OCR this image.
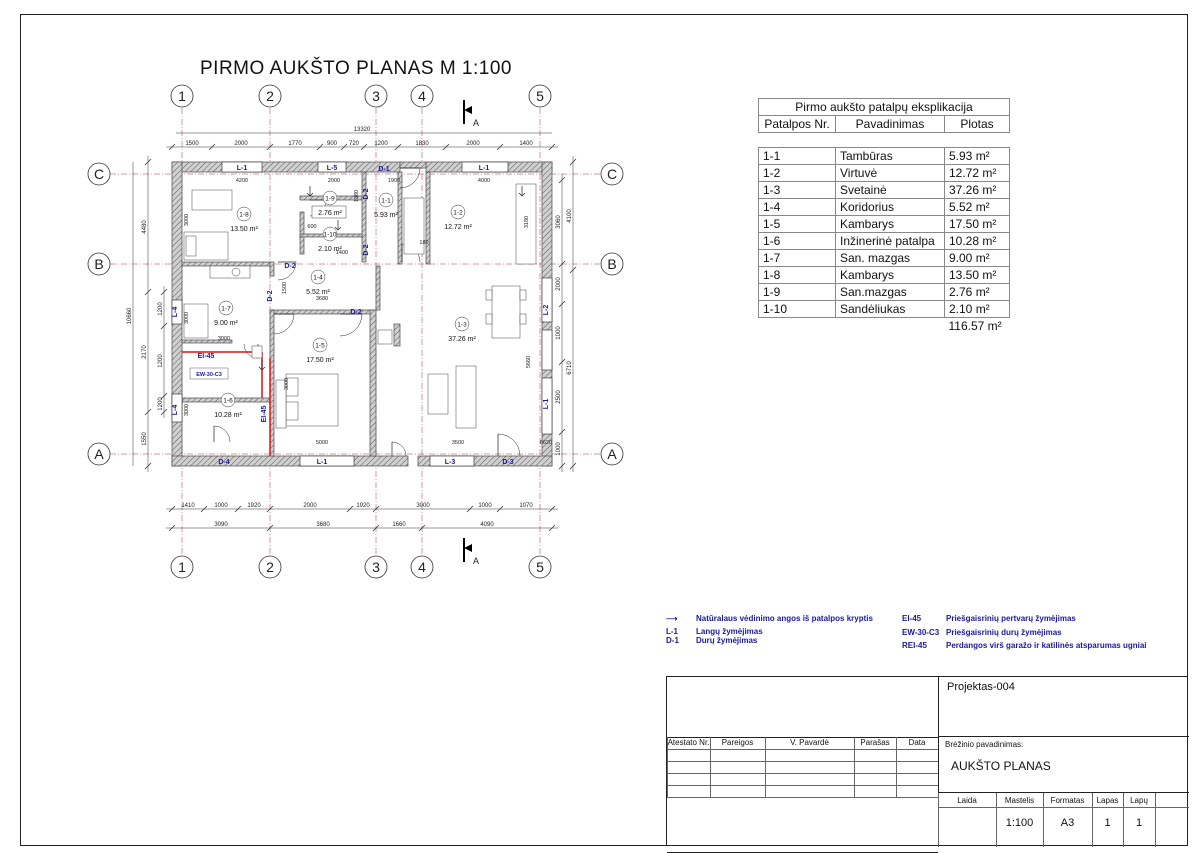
PIRMO AUKŠTO PLANAS M 1:100
1
1
2
2
3
3
4
4
5
5
C	C
B	B
A	A
A
A
13320
1500	2000	1770	900 720	1200	1830	2000	1400
1410	1000	1920	2000	1920	3000	1000	1070
3090	3680	1660	4090
10660
4480
2170
1550
1200
1200
1200
4100
6710
3060
2000
1000
2500
1000
1-1
5.93 m²	1-2
12.72 m²
1-3
37.26 m²
1-4
5.52 m²
1-5
17.50 m²
1-6
10.28 m²
1-7
9.00 m²
1-8
13.50 m²
1-9
2.76 m²
1-10
2.10 m²
L-1	L-5	L-1
L-4
L-4
L-1
L-2
L-1
L-3
D-1
D-2
D-2
D-2
D-2
D-2
D-4	D-3
EI-45
EW-30-C3
EI-45
4200	2000	1900	4000
3000
3000
3680
1380
600
1400
180
3180
3000
3000
1500
3000
5000	3500
5660
6620
Pirmo aukšto patalpų eksplikacija		
Patalpos Nr.	Pavadinimas	Plotas

1-1	Tambūras	5.93 m²
1-2	Virtuvė	12.72 m²
1-3	Svetainė	37.26 m²
1-4	Koridorius	5.52 m²
1-5	Kambarys	17.50 m²
1-6	Inžinerinė patalpa	10.28 m²
1-7	San. mazgas	9.00 m²
1-8	Kambarys	13.50 m²
1-9	San.mazgas	2.76 m²
1-10	Sandėliukas	2.10 m²
		116.57 m²
⟶ Natūralaus vėdinimo angos iš patalpos kryptis
L-1 Langų žymėjimas
D-1 Durų žymėjimas
EI-45	Priešgaisrinių pertvarų žymėjimas
EW-30-C3 Priešgaisrinių durų žymėjimas
REI-45 Perdangos virš garažo ir katilinės atsparumas ugniai
Projektas-004
Atestato Nr.	Pareigos	V. Pavardė	Parašas	Data	Brėžinio pavadinimas:
AUKŠTO PLANAS
Laida	Mastelis
1:100
Formatas
A3
Lapas
1
Lapų
1
